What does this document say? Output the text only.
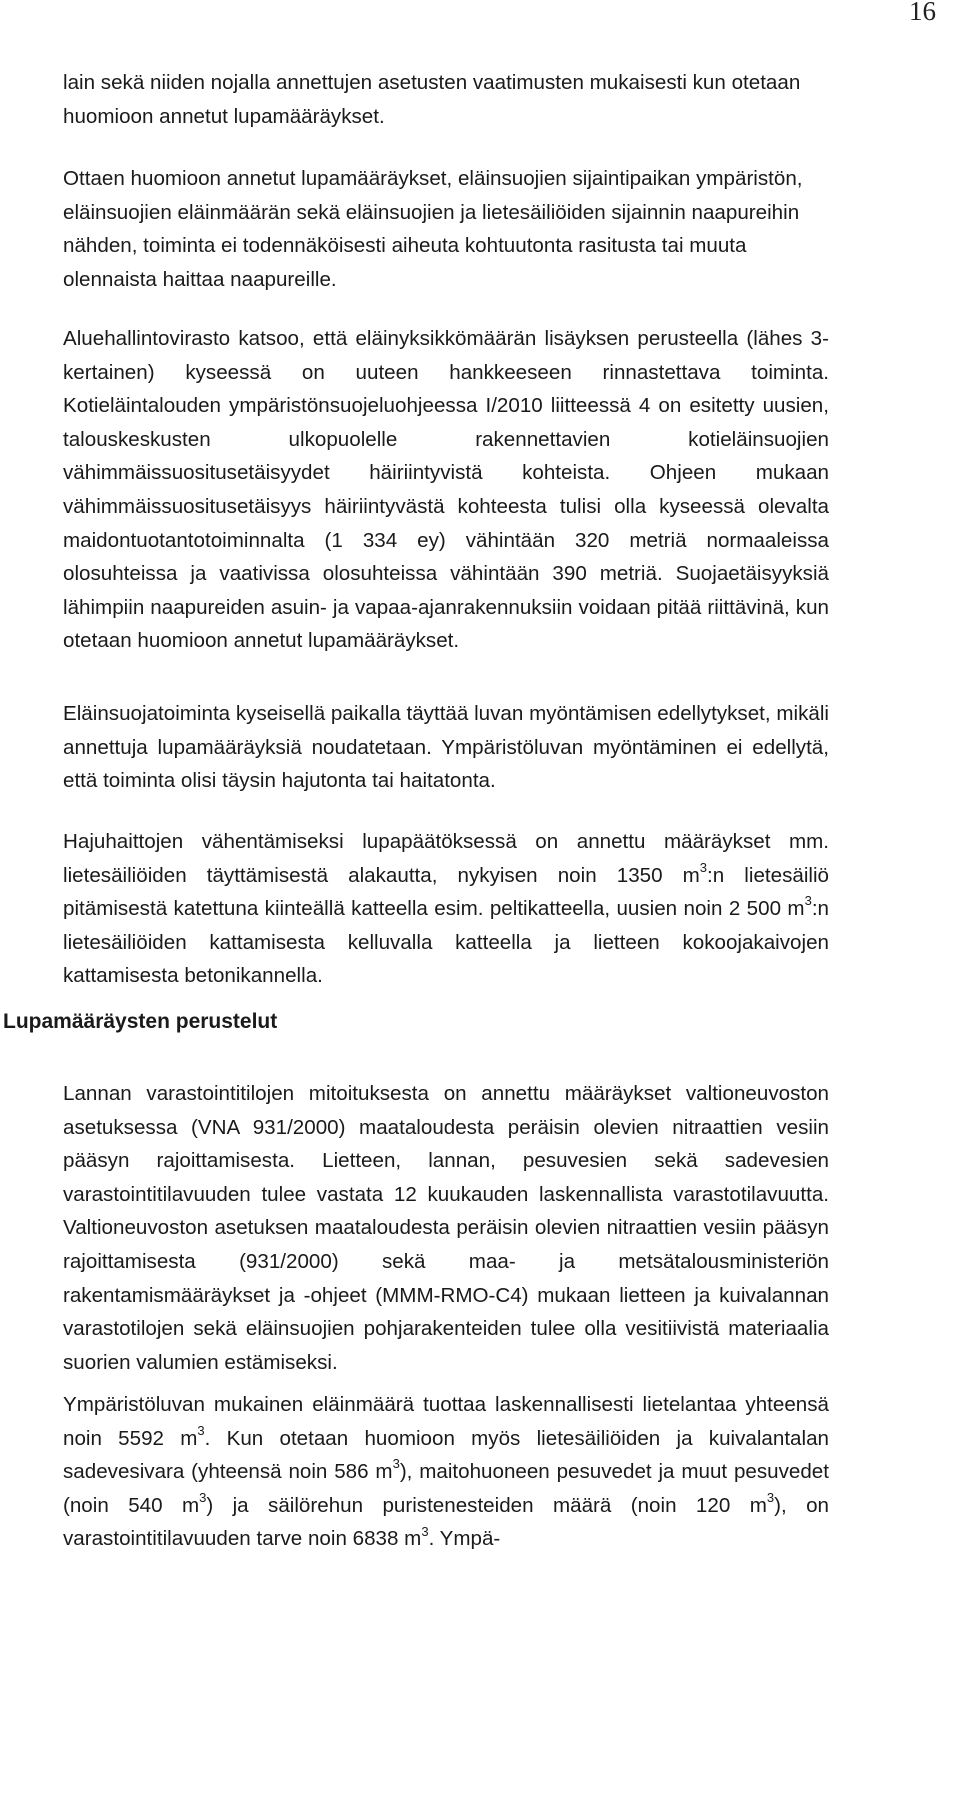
16

lain sekä niiden nojalla annettujen asetusten vaatimusten mukaisesti kun otetaan huomioon annetut lupamääräykset.

Ottaen huomioon annetut lupamääräykset, eläinsuojien sijaintipaikan ympäristön, eläinsuojien eläinmäärän sekä eläinsuojien ja lietesäiliöiden sijainnin naapureihin nähden, toiminta ei todennäköisesti aiheuta kohtuutonta rasitusta tai muuta olennaista haittaa naapureille.

Aluehallintovirasto katsoo, että eläinyksikkömäärän lisäyksen perusteella (lähes 3-kertainen) kyseessä on uuteen hankkeeseen rinnastettava toiminta. Kotieläintalouden ympäristönsuojeluohjeessa I/2010 liitteessä 4 on esitetty uusien, talouskeskusten ulkopuolelle rakennettavien kotieläinsuojien vähimmäissuositusetäisyydet häiriintyvistä kohteista. Ohjeen mukaan vähimmäissuositusetäisyys häiriintyvästä kohteesta tulisi olla kyseessä olevalta maidontuotantotoiminnalta (1 334 ey) vähintään 320 metriä normaaleissa olosuhteissa ja vaativissa olosuhteissa vähintään 390 metriä. Suojaetäisyyksiä lähimpiin naapureiden asuin- ja vapaa-ajanrakennuksiin voidaan pitää riittävinä, kun otetaan huomioon annetut lupamääräykset.

Eläinsuojatoiminta kyseisellä paikalla täyttää luvan myöntämisen edellytykset, mikäli annettuja lupamääräyksiä noudatetaan. Ympäristöluvan myöntäminen ei edellytä, että toiminta olisi täysin hajutonta tai haitatonta.

Hajuhaittojen vähentämiseksi lupapäätöksessä on annettu määräykset mm. lietesäiliöiden täyttämisestä alakautta, nykyisen noin 1350 $m^3:n$ lietesäiliö pitämisestä katettuna kiinteällä katteella esim. peltikatteella, uusien noin 2 500 $m^3:n$ lietesäiliöiden kattamisesta kelluvalla katteella ja lietteen kokoojakaivojen kattamisesta betonikannella.

Lupamääräysten perustelut

Lannan varastointitilojen mitoituksesta on annettu määräykset valtioneuvoston asetuksessa (VNA 931/2000) maataloudesta peräisin olevien nitraattien vesiin pääsyn rajoittamisesta. Lietteen, lannan, pesuvesien sekä sadevesien varastointitilavuuden tulee vastata 12 kuukauden laskennallista varastotilavuutta. Valtioneuvoston asetuksen maataloudesta peräisin olevien nitraattien vesiin pääsyn rajoittamisesta (931/2000) sekä maa- ja metsätalousministeriön rakentamismääräykset ja -ohjeet (MMM-RMO-C4) mukaan lietteen ja kuivalannan varastotilojen sekä eläinsuojien pohjarakenteiden tulee olla vesitiivistä materiaalia suorien valumien estämiseksi.

Ympäristöluvan mukainen eläinmäärä tuottaa laskennallisesti lietelantaa yhteensä noin 5592 $m^3$. Kun otetaan huomioon myös lietesäiliöiden ja kuivalantalan sadevesivara (yhteensä noin 586 $m^3$), maitohuoneen pesuvedet ja muut pesuvedet (noin 540 $m^3$) ja säilörehun puristenesteiden määrä (noin 120 $m^3$), on varastointitilavuuden tarve noin 6838 $m^3$. Ympä-
